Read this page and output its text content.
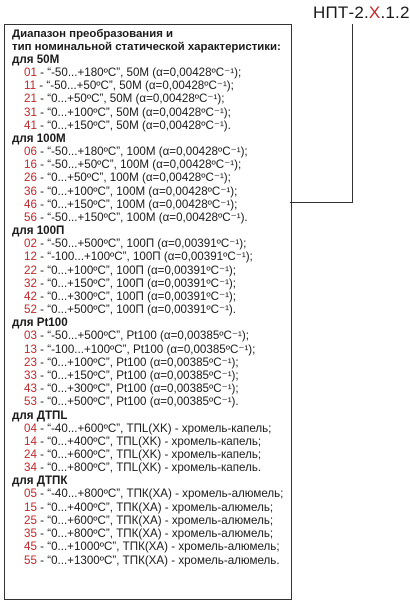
НПТ-2.X.1.2
Диапазон преобразования и
тип номинальной статической характеристики:
для 50M
01 - “-50...+180ºC”, 50M (α=0,00428ºC⁻¹);
11 - “-50...+50ºC”, 50M (α=0,00428ºC⁻¹);
21 - “0...+50ºC”, 50M (α=0,00428ºC⁻¹);
31 - “0...+100ºC”, 50M (α=0,00428ºC⁻¹);
41 - “0...+150ºC”, 50M (α=0,00428ºC⁻¹).
для 100M
06 - “-50...+180ºC”, 100M (α=0,00428ºC⁻¹);
16 - “-50...+50ºC”, 100M (α=0,00428ºC⁻¹);
26 - “0...+50ºC”, 100M (α=0,00428ºC⁻¹);
36 - “0...+100ºC”, 100M (α=0,00428ºC⁻¹);
46 - “0...+150ºC”, 100M (α=0,00428ºC⁻¹);
56 - “-50...+150ºC”, 100M (α=0,00428ºC⁻¹).
для 100П
02 - “-50...+500ºC”, 100П (α=0,00391ºC⁻¹);
12 - “-100...+100ºC”, 100П (α=0,00391ºC⁻¹);
22 - “0...+100ºC”, 100П (α=0,00391ºC⁻¹);
32 - “0...+150ºC”, 100П (α=0,00391ºC⁻¹);
42 - “0...+300ºC”, 100П (α=0,00391ºC⁻¹);
52 - “0...+500ºC”, 100П (α=0,00391ºC⁻¹).
для Pt100
03 - “-50...+500ºC”, Pt100 (α=0,00385ºC⁻¹);
13 - “-100...+100ºC”, Pt100 (α=0,00385ºC⁻¹);
23 - “0...+100ºC”, Pt100 (α=0,00385ºC⁻¹);
33 - “0...+150ºC”, Pt100 (α=0,00385ºC⁻¹);
43 - “0...+300ºC”, Pt100 (α=0,00385ºC⁻¹);
53 - “0...+500ºC”, Pt100 (α=0,00385ºC⁻¹).
для ДТПL
04 - “-40...+600ºC”, ТПL(XK) - хромель-капель;
14 - “0...+400ºC”, ТПL(XK) - хромель-капель;
24 - “0...+600ºC”, ТПL(XK) - хромель-капель;
34 - “0...+800ºC”, ТПL(XK) - хромель-капель.
для ДТПК
05 - “-40...+800ºC”, ТПК(XA) - хромель-алюмель;
15 - “0...+400ºC”, ТПК(XA) - хромель-алюмель;
25 - “0...+600ºC”, ТПК(XA) - хромель-алюмель;
35 - “0...+800ºC”, ТПК(XA) - хромель-алюмель;
45 - “0...+1000ºC”, ТПК(XA) - хромель-алюмель;
55 - “0...+1300ºC”, ТПК(XA) - хромель-алюмель.
